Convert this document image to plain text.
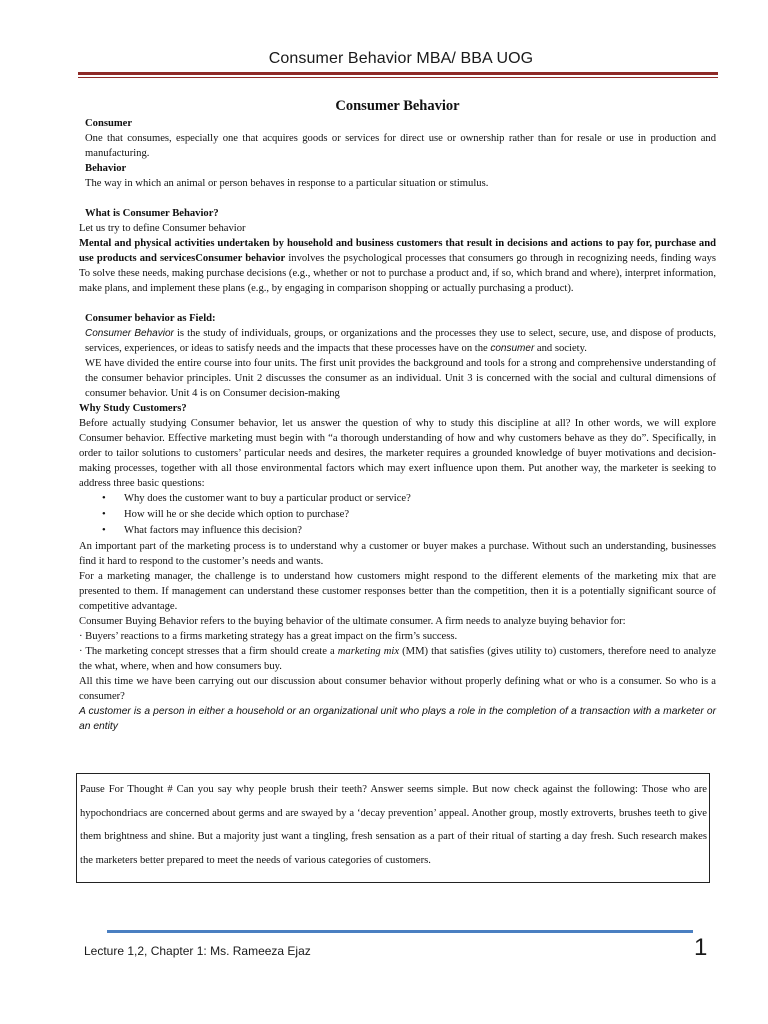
Consumer Behavior MBA/ BBA UOG

Consumer Behavior

Consumer

One that consumes, especially one that acquires goods or services for direct use or ownership rather than for resale or use in production and manufacturing.

Behavior

The way in which an animal or person behaves in response to a particular situation or stimulus.

What is Consumer Behavior?

Let us try to define Consumer behavior

Mental and physical activities undertaken by household and business customers that result in decisions and actions to pay for, purchase and use products and servicesConsumer behavior involves the psychological processes that consumers go through in recognizing needs, finding ways To solve these needs, making purchase decisions (e.g., whether or not to purchase a product and, if so, which brand and where), interpret information, make plans, and implement these plans (e.g., by engaging in comparison shopping or actually purchasing a product).

Consumer behavior as Field:

Consumer Behavior is the study of individuals, groups, or organizations and the processes they use to select, secure, use, and dispose of products, services, experiences, or ideas to satisfy needs and the impacts that these processes have on the consumer and society.

WE have divided the entire course into four units. The first unit provides the background and tools for a strong and comprehensive understanding of the consumer behavior principles. Unit 2 discusses the consumer as an individual. Unit 3 is concerned with the social and cultural dimensions of consumer behavior. Unit 4 is on Consumer decision-making

Why Study Customers?

Before actually studying Consumer behavior, let us answer the question of why to study this discipline at all? In other words, we will explore Consumer behavior. Effective marketing must begin with “a thorough understanding of how and why customers behave as they do”. Specifically, in order to tailor solutions to customers’ particular needs and desires, the marketer requires a grounded knowledge of buyer motivations and decision-making processes, together with all those environmental factors which may exert influence upon them. Put another way, the marketer is seeking to address three basic questions:

• Why does the customer want to buy a particular product or service?
• How will he or she decide which option to purchase?
• What factors may influence this decision?

An important part of the marketing process is to understand why a customer or buyer makes a purchase. Without such an understanding, businesses find it hard to respond to the customer’s needs and wants.

For a marketing manager, the challenge is to understand how customers might respond to the different elements of the marketing mix that are presented to them. If management can understand these customer responses better than the competition, then it is a potentially significant source of competitive advantage.

Consumer Buying Behavior refers to the buying behavior of the ultimate consumer. A firm needs to analyze buying behavior for:

· Buyers’ reactions to a firms marketing strategy has a great impact on the firm’s success.

· The marketing concept stresses that a firm should create a marketing mix (MM) that satisfies (gives utility to) customers, therefore need to analyze the what, where, when and how consumers buy.

All this time we have been carrying out our discussion about consumer behavior without properly defining what or who is a consumer. So who is a consumer?

A customer is a person in either a household or an organizational unit who plays a role in the completion of a transaction with a marketer or an entity

Pause For Thought # Can you say why people brush their teeth? Answer seems simple. But now check against the following: Those who are hypochondriacs are concerned about germs and are swayed by a ‘decay prevention’ appeal. Another group, mostly extroverts, brushes teeth to give them brightness and shine. But a majority just want a tingling, fresh sensation as a part of their ritual of starting a day fresh. Such research makes the marketers better prepared to meet the needs of various categories of customers.
Lecture 1,2, Chapter 1: Ms. Rameeza Ejaz	1
